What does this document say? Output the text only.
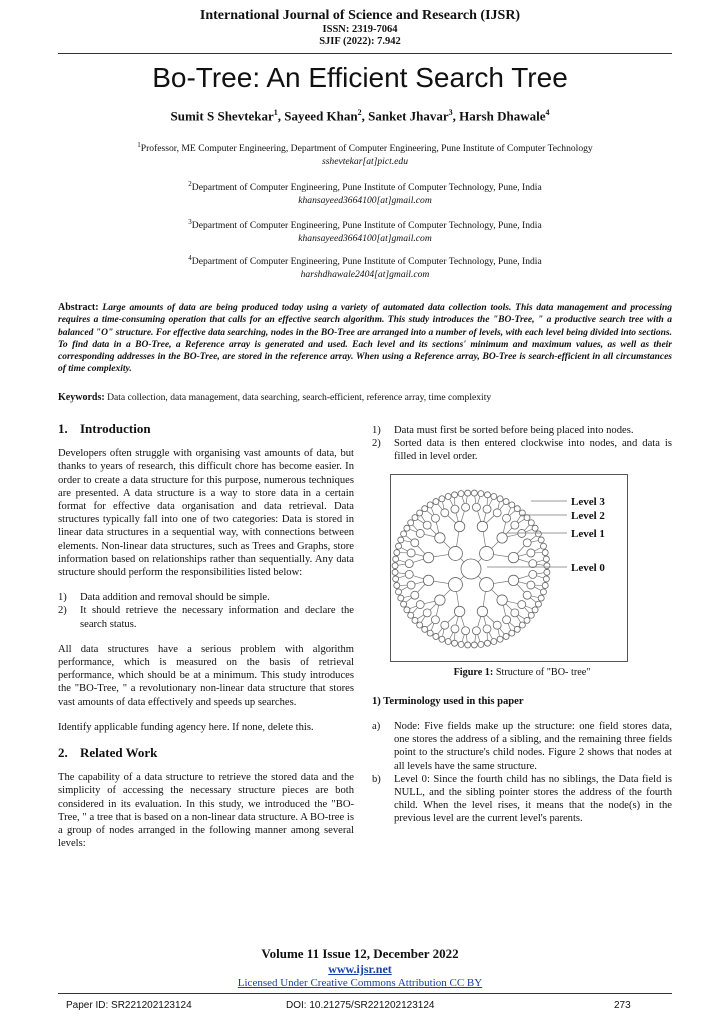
International Journal of Science and Research (IJSR)
ISSN: 2319-7064
SJIF (2022): 7.942
Bo-Tree: An Efficient Search Tree
Sumit S Shevtekar$^1$, Sayeed Khan$^2$, Sanket Jhavar$^3$, Harsh Dhawale$^4$
$^1$Professor, ME Computer Engineering, Department of Computer Engineering, Pune Institute of Computer Technology
sshevtekar[at]pict.edu
$^2$Department of Computer Engineering, Pune Institute of Computer Technology, Pune, India
khansayeed3664100[at]gmail.com
$^3$Department of Computer Engineering, Pune Institute of Computer Technology, Pune, India
khansayeed3664100[at]gmail.com
$^4$Department of Computer Engineering, Pune Institute of Computer Technology, Pune, India
harshdhawale2404[at]gmail.com
Abstract: Large amounts of data are being produced today using a variety of automated data collection tools. This data management and processing requires a time-consuming operation that calls for an effective search algorithm. This study introduces the "BO-Tree, " a productive search tree with a balanced "O" structure. For effective data searching, nodes in the BO-Tree are arranged into a number of levels, with each level being divided into sections. To find data in a BO-Tree, a Reference array is generated and used. Each level and its sections' minimum and maximum values, as well as their corresponding addresses in the BO-Tree, are stored in the reference array. When using a Reference array, BO-Tree is search-efficient in all circumstances of time complexity.
Keywords: Data collection, data management, data searching, search-efficient, reference array, time complexity
1. Introduction

Developers often struggle with organising vast amounts of data, but thanks to years of research, this difficult chore has become easier. In order to create a data structure for this purpose, numerous techniques are presented. A data structure is a way to store data in a certain format for effective data organisation and data retrieval. Data structures typically fall into one of two categories: Data is stored in linear data structures in a sequential way, with connections between elements. Non-linear data structures, such as Trees and Graphs, store information based on relationships rather than sequentially. Any data structure should perform the responsibilities listed below:

1)	Data addition and removal should be simple.
2)	It should retrieve the necessary information and declare the search status.

All data structures have a serious problem with algorithm performance, which is measured on the basis of retrieval performance, which should be at a minimum. This study introduces the "BO-Tree, " a revolutionary non-linear data structure that stores vast amounts of data effectively and speeds up searches.

Identify applicable funding agency here. If none, delete this.

2. Related Work

The capability of a data structure to retrieve the stored data and the simplicity of accessing the necessary structure pieces are both considered in its evaluation. In this study, we introduced the "BO-Tree, " a tree that is based on a non-linear data structure. A BO-tree is a group of nodes arranged in the following manner among several levels:

1)	Data must first be sorted before being placed into nodes.
2)	Sorted data is then entered clockwise into nodes, and data is filled in level order.
Level 3
Level 2
Level 1
Level 0
Figure 1: Structure of "BO- tree"
1) Terminology used in this paper
a)	Node: Five fields make up the structure: one field stores data, one stores the address of a sibling, and the remaining three fields point to the structure's child nodes. Figure 2 shows that nodes at all levels have the same structure.
b)	Level 0: Since the fourth child has no siblings, the Data field is NULL, and the sibling pointer stores the address of the fourth child. When the level rises, it means that the node(s) in the previous level are the current level's parents.
Volume 11 Issue 12, December 2022
www.ijsr.net
Licensed Under Creative Commons Attribution CC BY
Paper ID: SR221202123124	DOI: 10.21275/SR221202123124	273
